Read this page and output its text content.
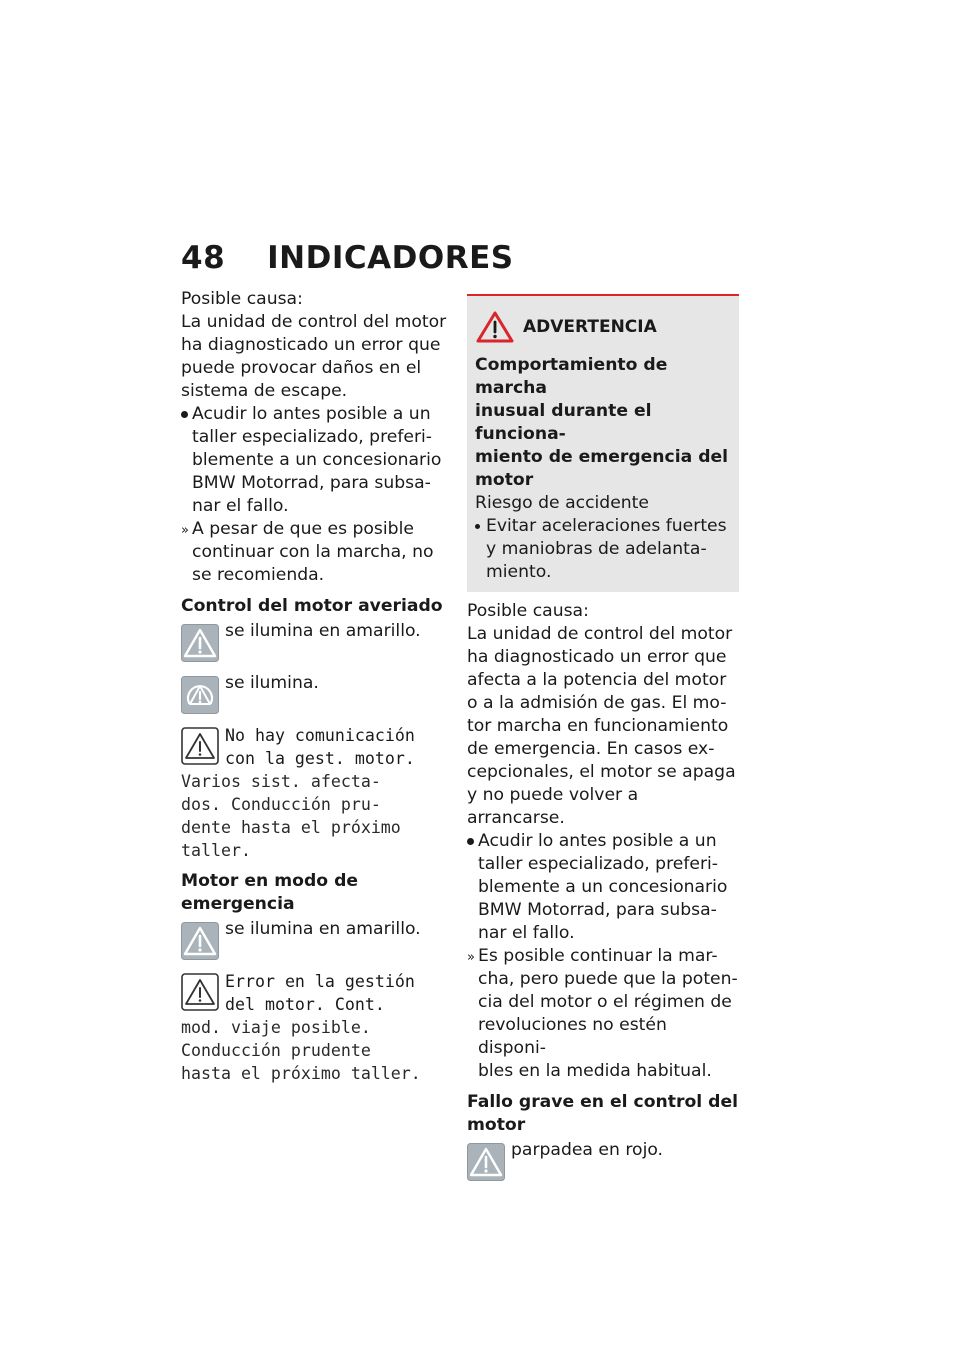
48 INDICADORES

Posible causa:

La unidad de control del motor

ha diagnosticado un error que

puede provocar daños en el

sistema de escape.

Acudir lo antes posible a un
taller especializado, preferi-
blemente a un concesionario
BMW Motorrad, para subsa-
nar el fallo.
» A pesar de que es posible
continuar con la marcha, no
se recomienda.
Control del motor averiado
se ilumina en amarillo.
se ilumina.
No hay comunicación
con la gest. motor.
Varios sist. afecta-
dos. Conducción pru-
dente hasta el próximo
taller.
Motor en modo de
emergencia
se ilumina en amarillo.
Error en la gestión
del motor. Cont.
mod. viaje posible.
Conducción prudente
hasta el próximo taller.
ADVERTENCIA
Comportamiento de marcha
inusual durante el funciona-
miento de emergencia del
motor
Riesgo de accidente
Evitar aceleraciones fuertes
y maniobras de adelanta-
miento.

Posible causa:

La unidad de control del motor

ha diagnosticado un error que

afecta a la potencia del motor

o a la admisión de gas. El mo-

tor marcha en funcionamiento

de emergencia. En casos ex-

cepcionales, el motor se apaga

y no puede volver a arrancarse.

Acudir lo antes posible a un
taller especializado, preferi-
blemente a un concesionario
BMW Motorrad, para subsa-
nar el fallo.
» Es posible continuar la mar-
cha, pero puede que la poten-
cia del motor o el régimen de
revoluciones no estén disponi-
bles en la medida habitual.
Fallo grave en el control del
motor
parpadea en rojo.
